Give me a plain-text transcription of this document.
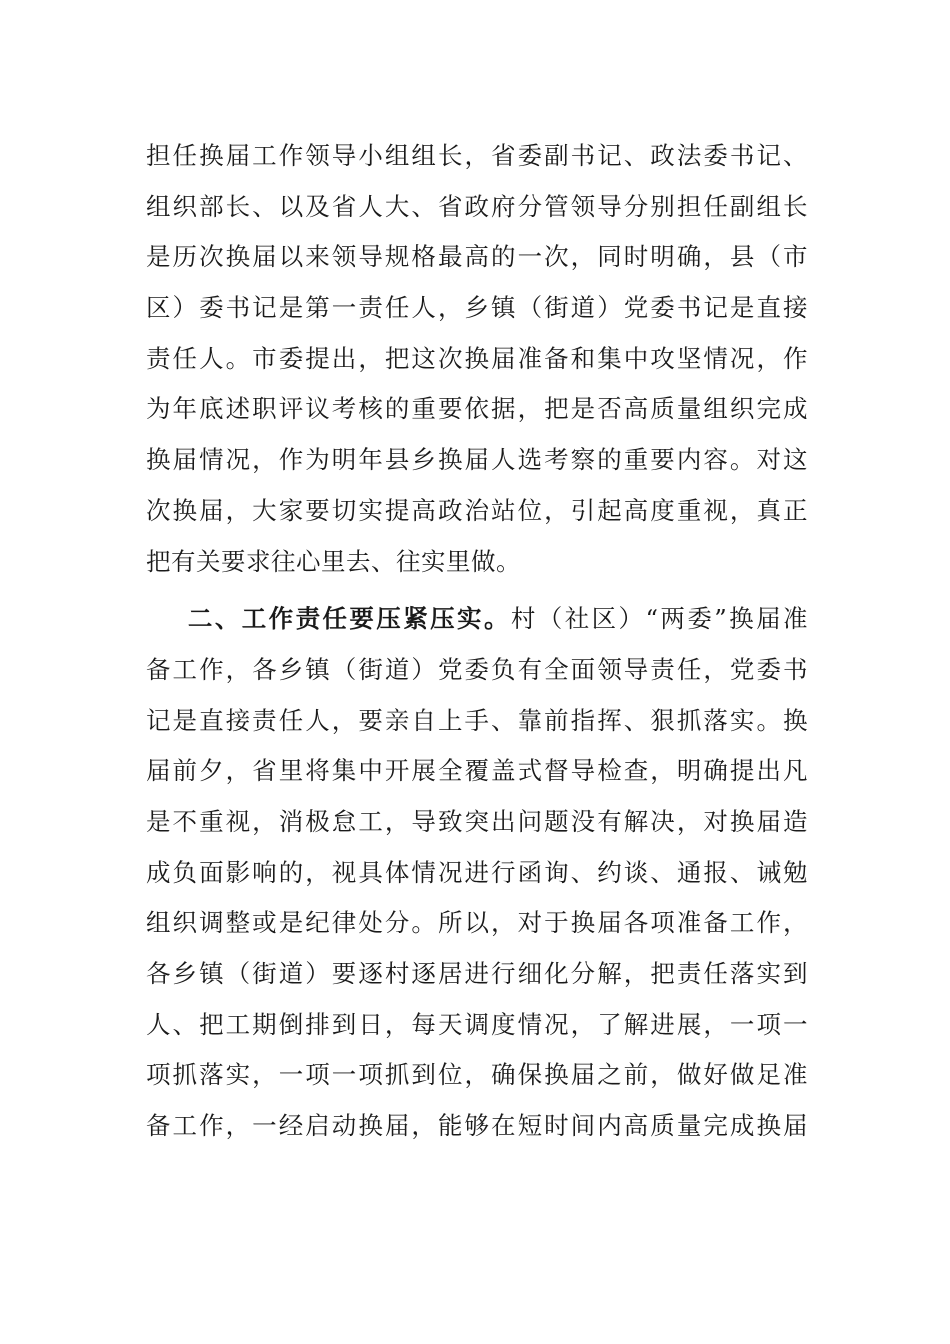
担任换届工作领导小组组长，省委副书记、政法委书记、
组织部长、以及省人大、省政府分管领导分别担任副组长
是历次换届以来领导规格最高的一次，同时明确，县（市
区）委书记是第一责任人，乡镇（街道）党委书记是直接
责任人。市委提出，把这次换届准备和集中攻坚情况，作
为年底述职评议考核的重要依据，把是否高质量组织完成
换届情况，作为明年县乡换届人选考察的重要内容。对这
次换届，大家要切实提高政治站位，引起高度重视，真正
把有关要求往心里去、往实里做。
二、工作责任要压紧压实。村（社区）“两委”换届准
备工作，各乡镇（街道）党委负有全面领导责任，党委书
记是直接责任人，要亲自上手、靠前指挥、狠抓落实。换
届前夕，省里将集中开展全覆盖式督导检查，明确提出凡
是不重视，消极怠工，导致突出问题没有解决，对换届造
成负面影响的，视具体情况进行函询、约谈、通报、诫勉
组织调整或是纪律处分。所以，对于换届各项准备工作，
各乡镇（街道）要逐村逐居进行细化分解，把责任落实到
人、把工期倒排到日，每天调度情况，了解进展，一项一
项抓落实，一项一项抓到位，确保换届之前，做好做足准
备工作，一经启动换届，能够在短时间内高质量完成换届
